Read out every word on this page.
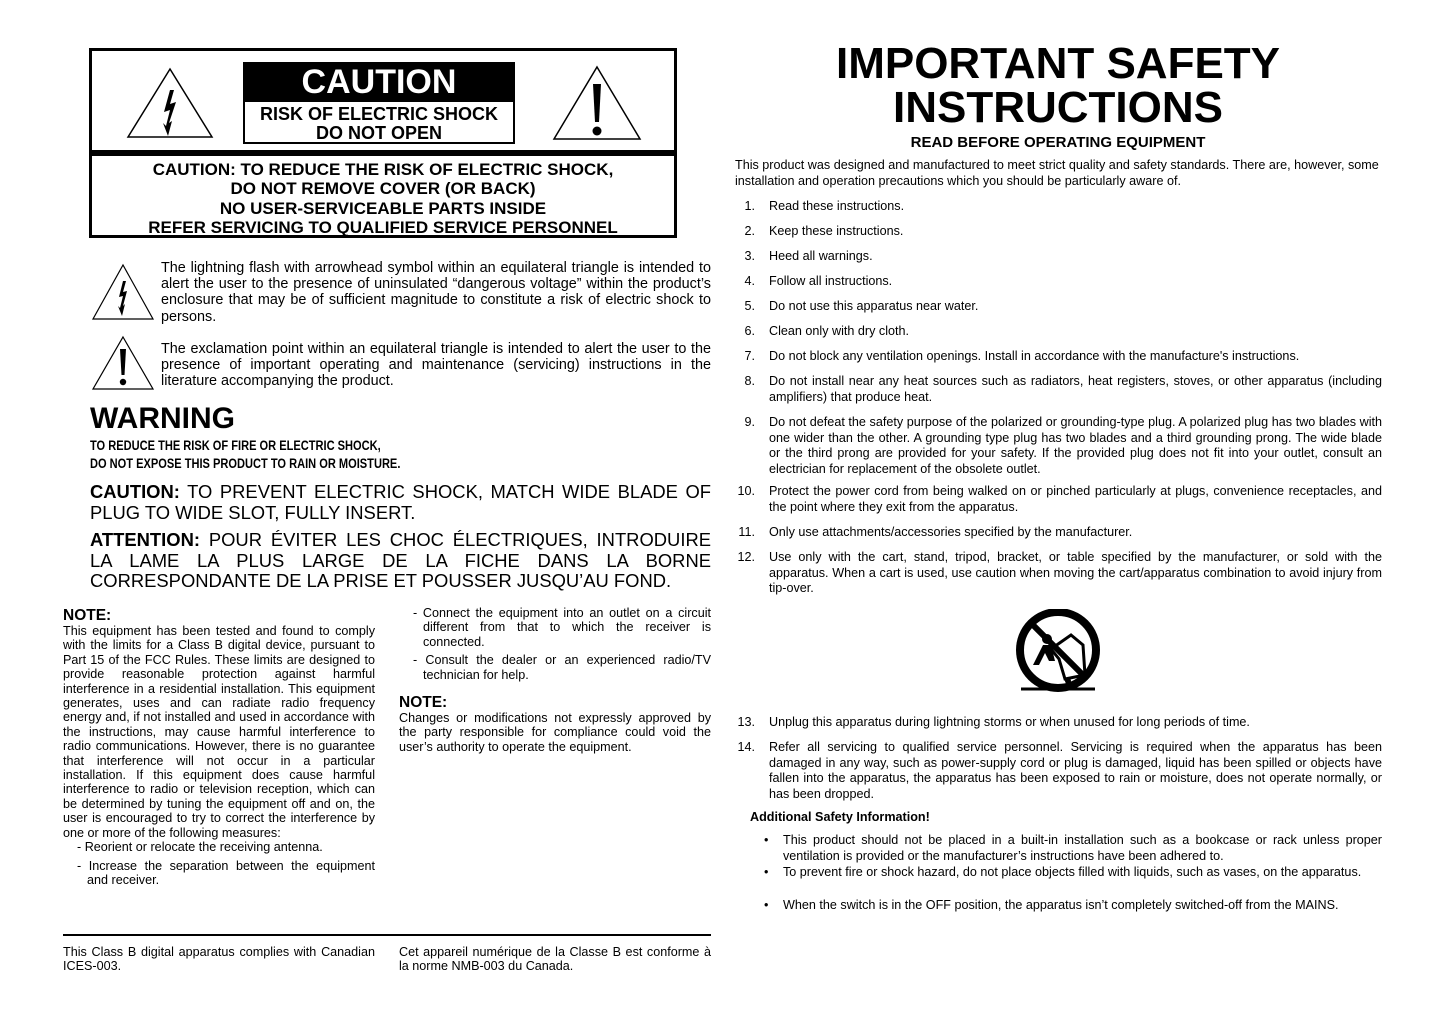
CAUTION
RISK OF ELECTRIC SHOCK
DO NOT OPEN
CAUTION: TO REDUCE THE RISK OF ELECTRIC SHOCK,
DO NOT REMOVE COVER (OR BACK)
NO USER-SERVICEABLE PARTS INSIDE
REFER SERVICING TO QUALIFIED SERVICE PERSONNEL
The lightning flash with arrowhead symbol within an equilateral triangle is intended to alert the user to the presence of uninsulated “dangerous voltage” within the product’s enclosure that may be of sufficient magnitude to constitute a risk of electric shock to persons.
The exclamation point within an equilateral triangle is intended to alert the user to the presence of important operating and maintenance (servicing) instructions in the literature accompanying the product.
WARNING
TO REDUCE THE RISK OF FIRE OR ELECTRIC SHOCK,
DO NOT EXPOSE THIS PRODUCT TO RAIN OR MOISTURE.
CAUTION: TO PREVENT ELECTRIC SHOCK, MATCH WIDE BLADE OF PLUG TO WIDE SLOT, FULLY INSERT.
ATTENTION: POUR ÉVITER LES CHOC ÉLECTRIQUES, INTRODUIRE LA LAME LA PLUS LARGE DE LA FICHE DANS LA BORNE CORRESPONDANTE DE LA PRISE ET POUSSER JUSQU’AU FOND.
NOTE:
This equipment has been tested and found to comply with the limits for a Class B digital device, pursuant to Part 15 of the FCC Rules. These limits are designed to provide reasonable protection against harmful interference in a residential installation. This equipment generates, uses and can radiate radio frequency energy and, if not installed and used in accordance with the instructions, may cause harmful interference to radio communications. However, there is no guarantee that interference will not occur in a particular installation. If this equipment does cause harmful interference to radio or television reception, which can be determined by tuning the equipment off and on, the user is encouraged to try to correct the interference by one or more of the following measures:
- Reorient or relocate the receiving antenna.
- Increase the separation between the equipment and receiver.
- Connect the equipment into an outlet on a circuit different from that to which the receiver is connected.
- Consult the dealer or an experienced radio/TV technician for help.
NOTE:
Changes or modifications not expressly approved by the party responsible for compliance could void the user’s authority to operate the equipment.
This Class B digital apparatus complies with Canadian ICES-003.
Cet appareil numérique de la Classe B est conforme à la norme NMB-003 du Canada.
IMPORTANT SAFETY
INSTRUCTIONS
READ BEFORE OPERATING EQUIPMENT
This product was designed and manufactured to meet strict quality and safety standards. There are, however, some installation and operation precautions which you should be particularly aware of.
1. Read these instructions.
2. Keep these instructions.
3. Heed all warnings.
4. Follow all instructions.
5. Do not use this apparatus near water.
6. Clean only with dry cloth.
7. Do not block any ventilation openings. Install in accordance with the manufacture's instructions.
8. Do not install near any heat sources such as radiators, heat registers, stoves, or other apparatus (including amplifiers) that produce heat.
9. Do not defeat the safety purpose of the polarized or grounding-type plug. A polarized plug has two blades with one wider than the other. A grounding type plug has two blades and a third grounding prong. The wide blade or the third prong are provided for your safety. If the provided plug does not fit into your outlet, consult an electrician for replacement of the obsolete outlet.
10. Protect the power cord from being walked on or pinched particularly at plugs, convenience receptacles, and the point where they exit from the apparatus.
11. Only use attachments/accessories specified by the manufacturer.
12. Use only with the cart, stand, tripod, bracket, or table specified by the manufacturer, or sold with the apparatus. When a cart is used, use caution when moving the cart/apparatus combination to avoid injury from tip-over.
13. Unplug this apparatus during lightning storms or when unused for long periods of time.
14. Refer all servicing to qualified service personnel. Servicing is required when the apparatus has been damaged in any way, such as power-supply cord or plug is damaged, liquid has been spilled or objects have fallen into the apparatus, the apparatus has been exposed to rain or moisture, does not operate normally, or has been dropped.
Additional Safety Information!
• This product should not be placed in a built-in installation such as a bookcase or rack unless proper ventilation is provided or the manufacturer’s instructions have been adhered to.
• To prevent fire or shock hazard, do not place objects filled with liquids, such as vases, on the apparatus.
• When the switch is in the OFF position, the apparatus isn’t completely switched-off from the MAINS.
